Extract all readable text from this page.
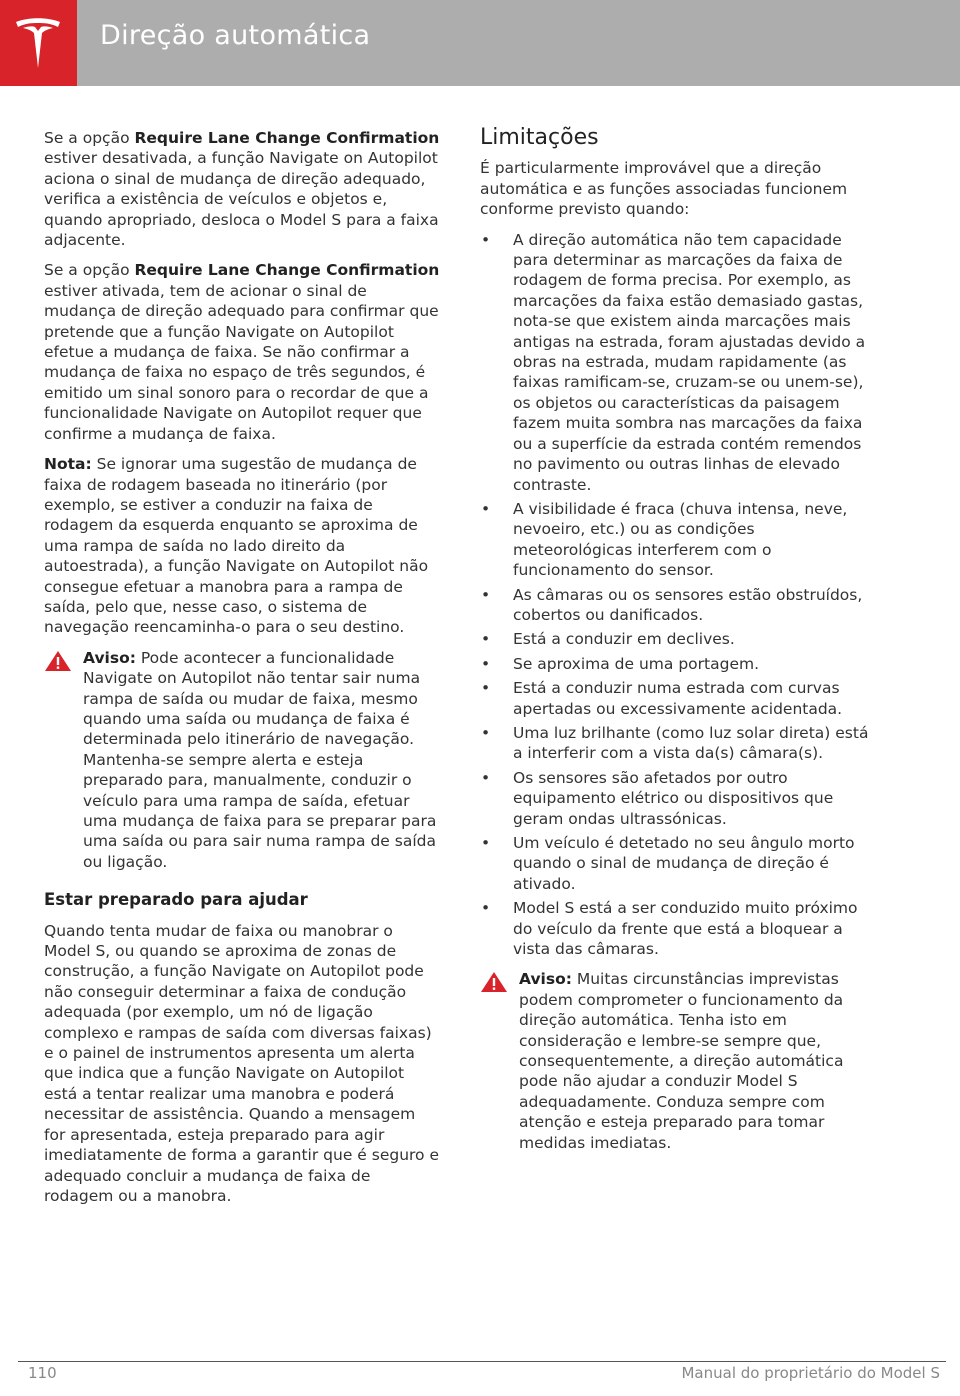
Direção automática

Se a opção Require Lane Change Confirmation estiver desativada, a função Navigate on Autopilot aciona o sinal de mudança de direção adequado, verifica a existência de veículos e objetos e, quando apropriado, desloca o Model S para a faixa adjacente.

Se a opção Require Lane Change Confirmation estiver ativada, tem de acionar o sinal de mudança de direção adequado para confirmar que pretende que a função Navigate on Autopilot efetue a mudança de faixa. Se não confirmar a mudança de faixa no espaço de três segundos, é emitido um sinal sonoro para o recordar de que a funcionalidade Navigate on Autopilot requer que confirme a mudança de faixa.

Nota: Se ignorar uma sugestão de mudança de faixa de rodagem baseada no itinerário (por exemplo, se estiver a conduzir na faixa de rodagem da esquerda enquanto se aproxima de uma rampa de saída no lado direito da autoestrada), a função Navigate on Autopilot não consegue efetuar a manobra para a rampa de saída, pelo que, nesse caso, o sistema de navegação reencaminha-o para o seu destino.

Aviso: Pode acontecer a funcionalidade Navigate on Autopilot não tentar sair numa rampa de saída ou mudar de faixa, mesmo quando uma saída ou mudança de faixa é determinada pelo itinerário de navegação. Mantenha-se sempre alerta e esteja preparado para, manualmente, conduzir o veículo para uma rampa de saída, efetuar uma mudança de faixa para se preparar para uma saída ou para sair numa rampa de saída ou ligação.
Estar preparado para ajudar

Quando tenta mudar de faixa ou manobrar o Model S, ou quando se aproxima de zonas de construção, a função Navigate on Autopilot pode não conseguir determinar a faixa de condução adequada (por exemplo, um nó de ligação complexo e rampas de saída com diversas faixas) e o painel de instrumentos apresenta um alerta que indica que a função Navigate on Autopilot está a tentar realizar uma manobra e poderá necessitar de assistência. Quando a mensagem for apresentada, esteja preparado para agir imediatamente de forma a garantir que é seguro e adequado concluir a mudança de faixa de rodagem ou a manobra.

Limitações

É particularmente improvável que a direção automática e as funções associadas funcionem conforme previsto quando:

• A direção automática não tem capacidade para determinar as marcações da faixa de rodagem de forma precisa. Por exemplo, as marcações da faixa estão demasiado gastas, nota-se que existem ainda marcações mais antigas na estrada, foram ajustadas devido a obras na estrada, mudam rapidamente (as faixas ramificam-se, cruzam-se ou unem-se), os objetos ou características da paisagem fazem muita sombra nas marcações da faixa ou a superfície da estrada contém remendos no pavimento ou outras linhas de elevado contraste.
• A visibilidade é fraca (chuva intensa, neve, nevoeiro, etc.) ou as condições meteorológicas interferem com o funcionamento do sensor.
• As câmaras ou os sensores estão obstruídos, cobertos ou danificados.
• Está a conduzir em declives.
• Se aproxima de uma portagem.
• Está a conduzir numa estrada com curvas apertadas ou excessivamente acidentada.
• Uma luz brilhante (como luz solar direta) está a interferir com a vista da(s) câmara(s).
• Os sensores são afetados por outro equipamento elétrico ou dispositivos que geram ondas ultrassónicas.
• Um veículo é detetado no seu ângulo morto quando o sinal de mudança de direção é ativado.
• Model S está a ser conduzido muito próximo do veículo da frente que está a bloquear a vista das câmaras.
Aviso: Muitas circunstâncias imprevistas podem comprometer o funcionamento da direção automática. Tenha isto em consideração e lembre-se sempre que, consequentemente, a direção automática pode não ajudar a conduzir Model S adequadamente. Conduza sempre com atenção e esteja preparado para tomar medidas imediatas.
110	Manual do proprietário do Model S
